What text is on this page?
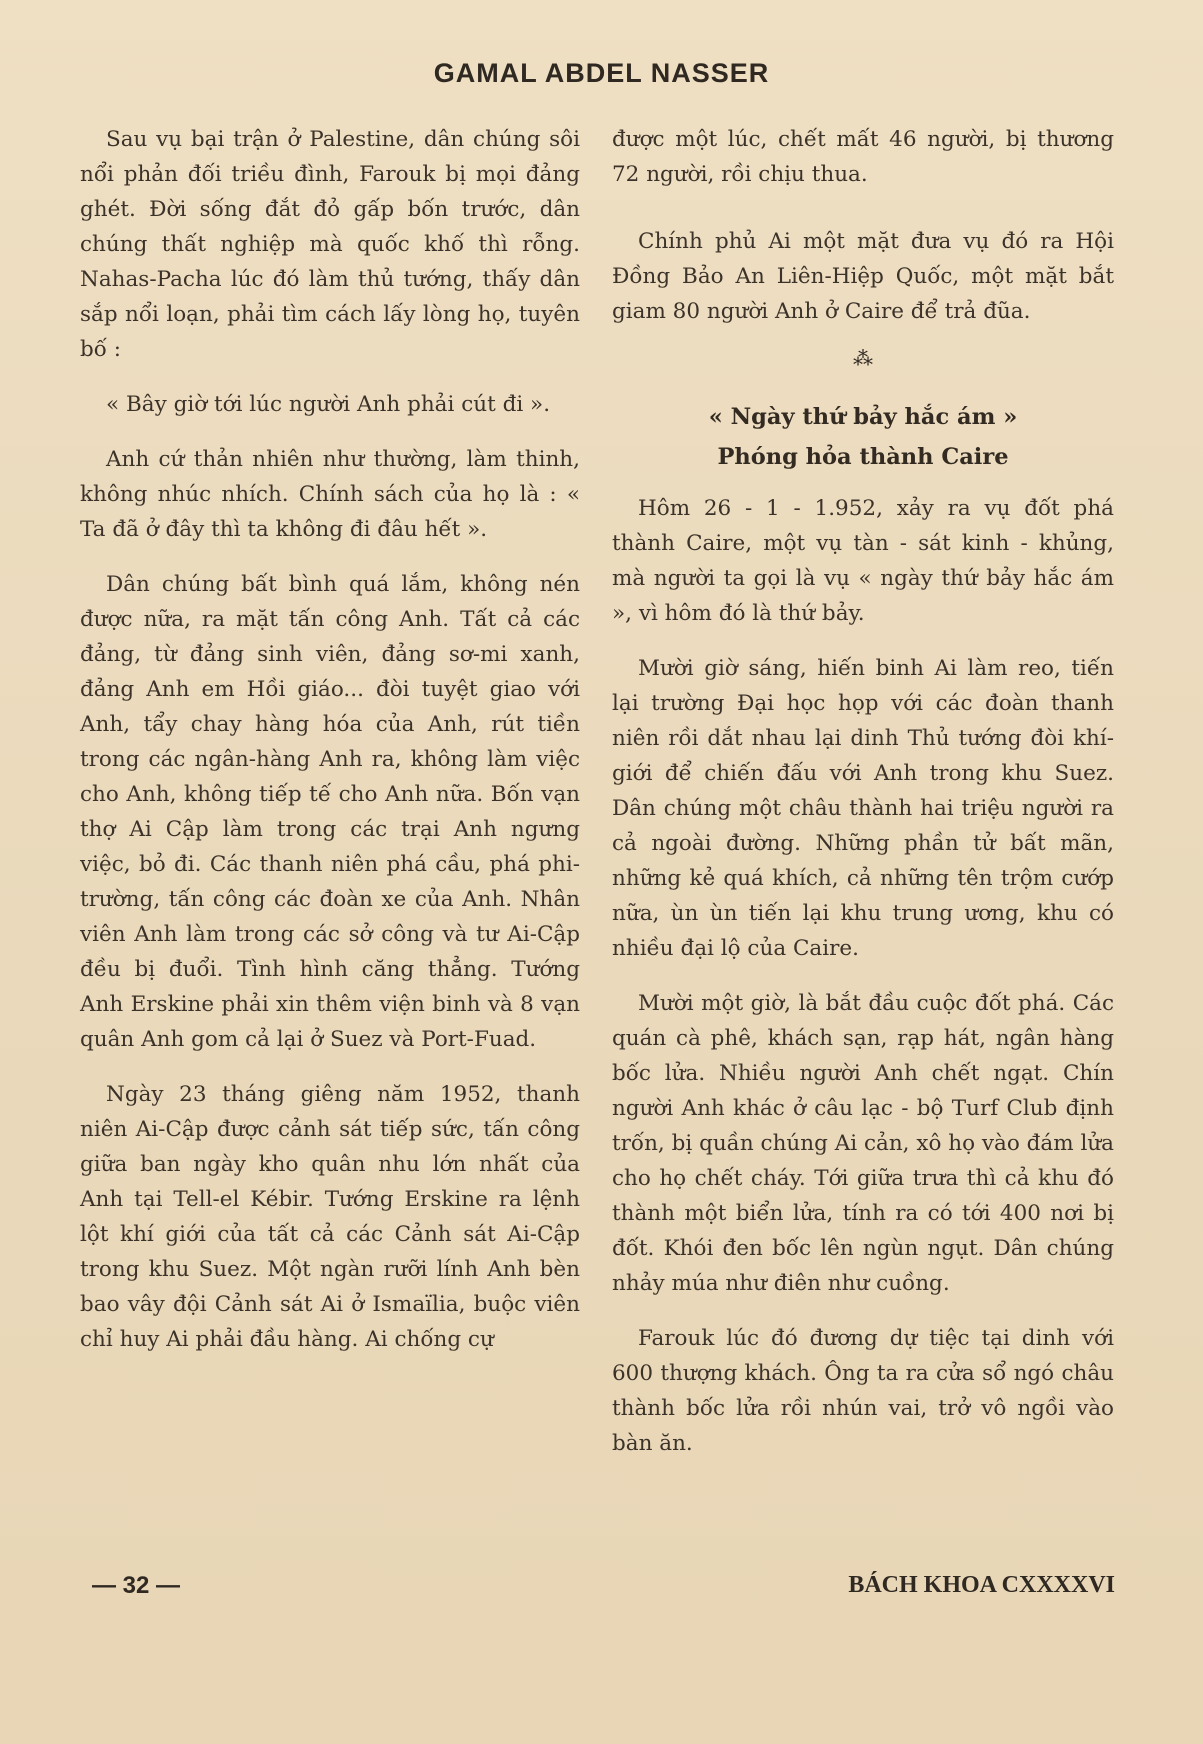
GAMAL ABDEL NASSER

Sau vụ bại trận ở Palestine, dân chúng sôi nổi phản đối triều đình, Farouk bị mọi đảng ghét. Đời sống đắt đỏ gấp bốn trước, dân chúng thất nghiệp mà quốc khố thì rỗng. Nahas-Pacha lúc đó làm thủ tướng, thấy dân sắp nổi loạn, phải tìm cách lấy lòng họ, tuyên bố :

« Bây giờ tới lúc người Anh phải cút đi ».

Anh cứ thản nhiên như thường, làm thinh, không nhúc nhích. Chính sách của họ là : « Ta đã ở đây thì ta không đi đâu hết ».

Dân chúng bất bình quá lắm, không nén được nữa, ra mặt tấn công Anh. Tất cả các đảng, từ đảng sinh viên, đảng sơ-mi xanh, đảng Anh em Hồi giáo... đòi tuyệt giao với Anh, tẩy chay hàng hóa của Anh, rút tiền trong các ngân-hàng Anh ra, không làm việc cho Anh, không tiếp tế cho Anh nữa. Bốn vạn thợ Ai Cập làm trong các trại Anh ngưng việc, bỏ đi. Các thanh niên phá cầu, phá phi-trường, tấn công các đoàn xe của Anh. Nhân viên Anh làm trong các sở công và tư Ai-Cập đều bị đuổi. Tình hình căng thẳng. Tướng Anh Erskine phải xin thêm viện binh và 8 vạn quân Anh gom cả lại ở Suez và Port-Fuad.

Ngày 23 tháng giêng năm 1952, thanh niên Ai-Cập được cảnh sát tiếp sức, tấn công giữa ban ngày kho quân nhu lớn nhất của Anh tại Tell-el Kébir. Tướng Erskine ra lệnh lột khí giới của tất cả các Cảnh sát Ai-Cập trong khu Suez. Một ngàn rưỡi lính Anh bèn bao vây đội Cảnh sát Ai ở Ismaïlia, buộc viên chỉ huy Ai phải đầu hàng. Ai chống cự

được một lúc, chết mất 46 người, bị thương 72 người, rồi chịu thua.

Chính phủ Ai một mặt đưa vụ đó ra Hội Đồng Bảo An Liên-Hiệp Quốc, một mặt bắt giam 80 người Anh ở Caire để trả đũa.

⁂
« Ngày thứ bảy hắc ám »
Phóng hỏa thành Caire

Hôm 26 - 1 - 1.952, xảy ra vụ đốt phá thành Caire, một vụ tàn - sát kinh - khủng, mà người ta gọi là vụ « ngày thứ bảy hắc ám », vì hôm đó là thứ bảy.

Mười giờ sáng, hiến binh Ai làm reo, tiến lại trường Đại học họp với các đoàn thanh niên rồi dắt nhau lại dinh Thủ tướng đòi khí-giới để chiến đấu với Anh trong khu Suez. Dân chúng một châu thành hai triệu người ra cả ngoài đường. Những phần tử bất mãn, những kẻ quá khích, cả những tên trộm cướp nữa, ùn ùn tiến lại khu trung ương, khu có nhiều đại lộ của Caire.

Mười một giờ, là bắt đầu cuộc đốt phá. Các quán cà phê, khách sạn, rạp hát, ngân hàng bốc lửa. Nhiều người Anh chết ngạt. Chín người Anh khác ở câu lạc - bộ Turf Club định trốn, bị quần chúng Ai cản, xô họ vào đám lửa cho họ chết cháy. Tới giữa trưa thì cả khu đó thành một biển lửa, tính ra có tới 400 nơi bị đốt. Khói đen bốc lên ngùn ngụt. Dân chúng nhảy múa như điên như cuồng.

Farouk lúc đó đương dự tiệc tại dinh với 600 thượng khách. Ông ta ra cửa sổ ngó châu thành bốc lửa rồi nhún vai, trở vô ngồi vào bàn ăn.

— 32 —	BÁCH KHOA CXXXXVI
